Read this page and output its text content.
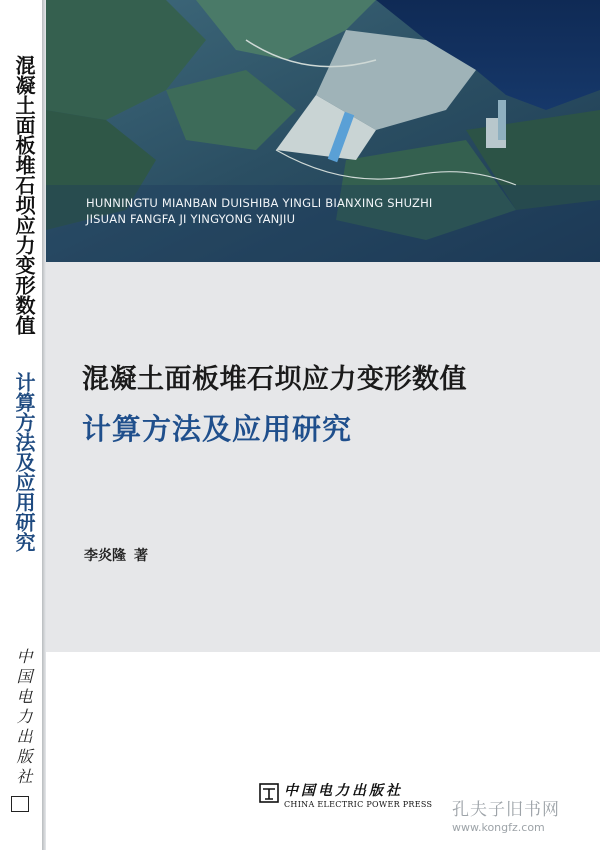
混凝土面板堆石坝应力变形数值
计算方法及应用研究
中国电力出版社
HUNNINGTU MIANBAN DUISHIBA YINGLI BIANXING SHUZHI
JISUAN FANGFA JI YINGYONG YANJIU
混凝土面板堆石坝应力变形数值
计算方法及应用研究
李炎隆 著
中国电力出版社
CHINA ELECTRIC POWER PRESS 孔夫子旧书网
www.kongfz.com
